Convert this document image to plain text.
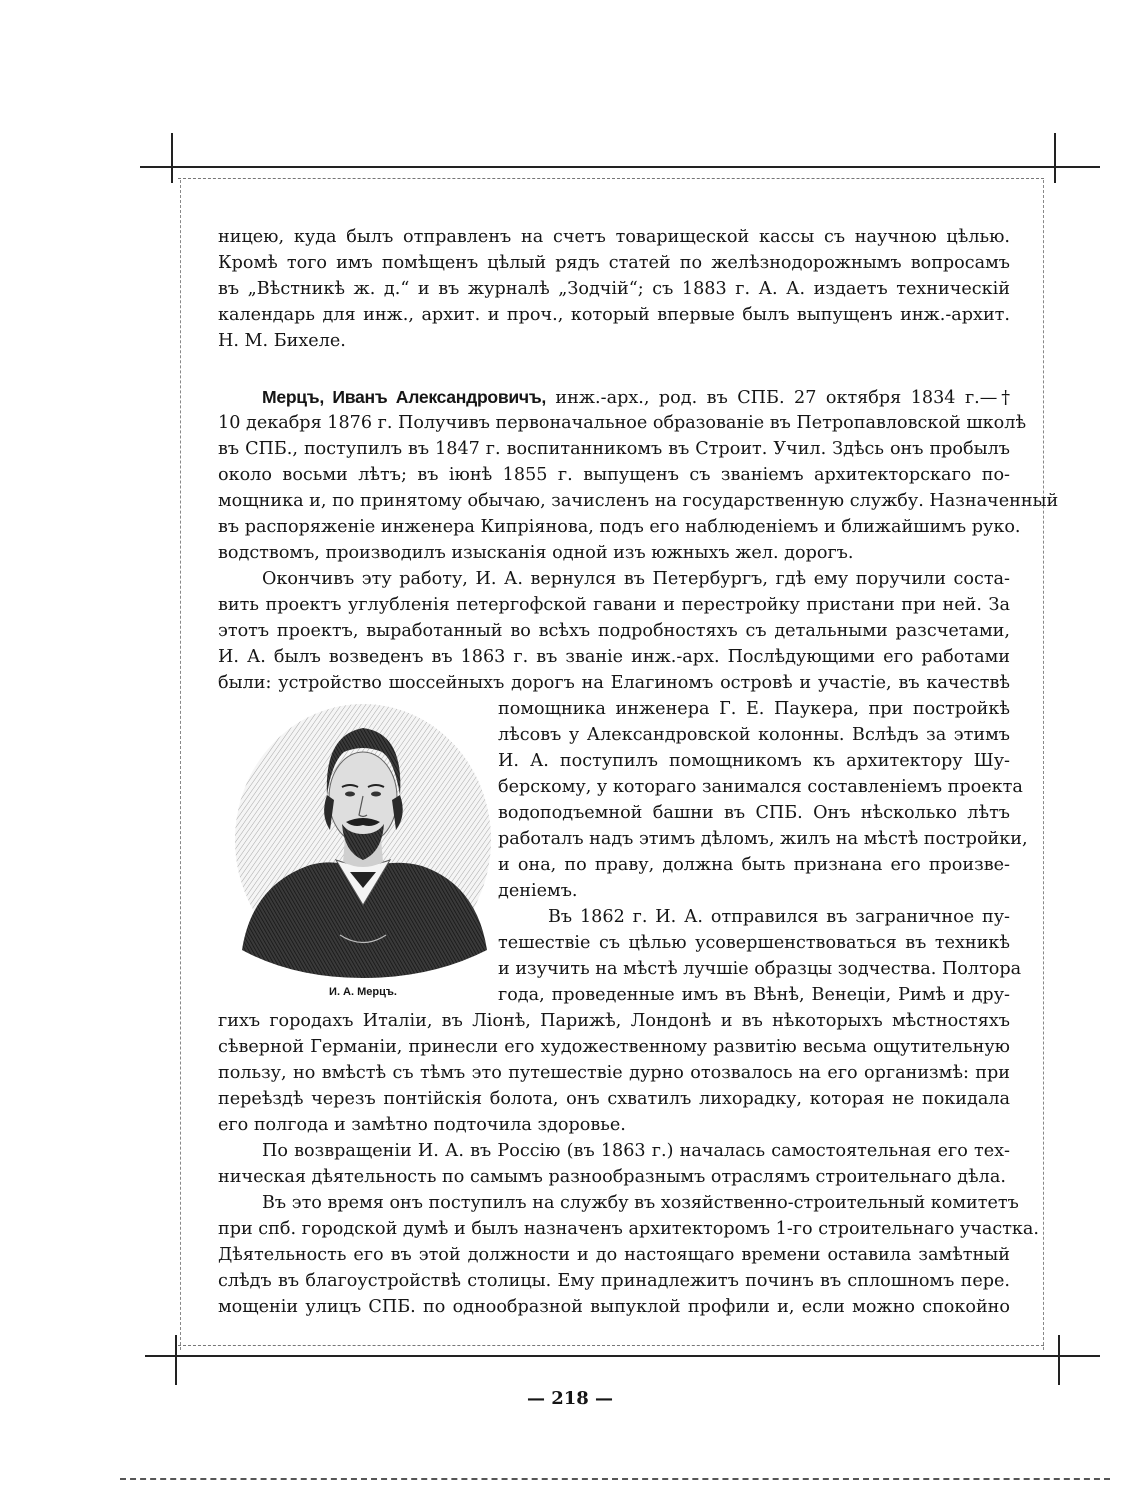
ницею, куда былъ отправленъ на счетъ товарищеской кассы съ научною цѣлью.
Кромѣ того имъ помѣщенъ цѣлый рядъ статей по желѣзнодорожнымъ вопросамъ
въ „Вѣстникѣ ж. д.“ и въ журналѣ „Зодчій“; съ 1883 г. А. А. издаетъ техническій
календарь для инж., архит. и проч., который впервые былъ выпущенъ инж.-архит.
Н. М. Бихеле.
Мерцъ, Иванъ Александровичъ, инж.-арх., род. въ СПБ. 27 октября 1834 г.—†
10 декабря 1876 г. Получивъ первоначальное образованіе въ Петропавловской школѣ
въ СПБ., поступилъ въ 1847 г. воспитанникомъ въ Строит. Учил. Здѣсь онъ пробылъ
около восьми лѣтъ; въ іюнѣ 1855 г. выпущенъ съ званіемъ архитекторскаго по-
мощника и, по принятому обычаю, зачисленъ на государственную службу. Назначенный
въ распоряженіе инженера Кипріянова, подъ его наблюденіемъ и ближайшимъ руко.
водствомъ, производилъ изысканія одной изъ южныхъ жел. дорогъ.
Окончивъ эту работу, И. А. вернулся въ Петербургъ, гдѣ ему поручили соста-
вить проектъ углубленія петергофской гавани и перестройку пристани при ней. За
этотъ проектъ, выработанный во всѣхъ подробностяхъ съ детальными разсчетами,
И. А. былъ возведенъ въ 1863 г. въ званіе инж.-арх. Послѣдующими его работами
были: устройство шоссейныхъ дорогъ на Елагиномъ островѣ и участіе, въ качествѣ
помощника инженера Г. Е. Паукера, при постройкѣ
лѣсовъ у Александровской колонны. Вслѣдъ за этимъ
И. А. поступилъ помощникомъ къ архитектору Шу-
берскому, у котораго занимался составленіемъ проекта
водоподъемной башни въ СПБ. Онъ нѣсколько лѣтъ
работалъ надъ этимъ дѣломъ, жилъ на мѣстѣ постройки,
и она, по праву, должна быть признана его произве-
деніемъ.
Въ 1862 г. И. А. отправился въ заграничное пу-
тешествіе съ цѣлью усовершенствоваться въ техникѣ
и изучить на мѣстѣ лучшіе образцы зодчества. Полтора
года, проведенные имъ въ Вѣнѣ, Венеціи, Римѣ и дру-
И. А. Мерцъ.
гихъ городахъ Италіи, въ Ліонѣ, Парижѣ, Лондонѣ и въ нѣкоторыхъ мѣстностяхъ
сѣверной Германіи, принесли его художественному развитію весьма ощутительную
пользу, но вмѣстѣ съ тѣмъ это путешествіе дурно отозвалось на его организмѣ: при
переѣздѣ черезъ понтійскія болота, онъ схватилъ лихорадку, которая не покидала
его полгода и замѣтно подточила здоровье.
По возвращеніи И. А. въ Россію (въ 1863 г.) началась самостоятельная его тех-
ническая дѣятельность по самымъ разнообразнымъ отраслямъ строительнаго дѣла.
Въ это время онъ поступилъ на службу въ хозяйственно-строительный комитетъ
при спб. городской думѣ и былъ назначенъ архитекторомъ 1-го строительнаго участка.
Дѣятельность его въ этой должности и до настоящаго времени оставила замѣтный
слѣдъ въ благоустройствѣ столицы. Ему принадлежитъ починъ въ сплошномъ пере.
мощеніи улицъ СПБ. по однообразной выпуклой профили и, если можно спокойно
— 218 —
